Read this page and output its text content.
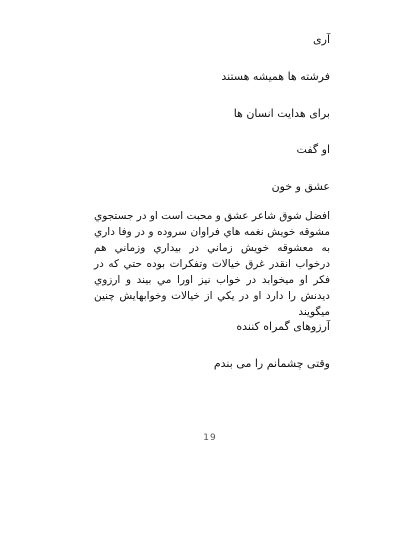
آری
فرشته ها همیشه هستند
برای هدایت انسان ها
او گفت
عشق و خون
افضل شوق شاعر عشق و محبت است او در جستجوي مشوقه خويش نغمه هاي فراوان سروده و در وفا داري به معشوقه خويش زماني در بيداري وزماني هم درخواب انقدر غرق خيالات وتفكرات بوده حتي كه در فكر او ميخوابد در خواب نيز اورا مي بيند و ارزوي ديدنش را دارد او در يكي از خيالات وخوابهايش چنين ميگويند
آرزوهای گمراه کننده
وقتی چشمانم را می بندم
19
